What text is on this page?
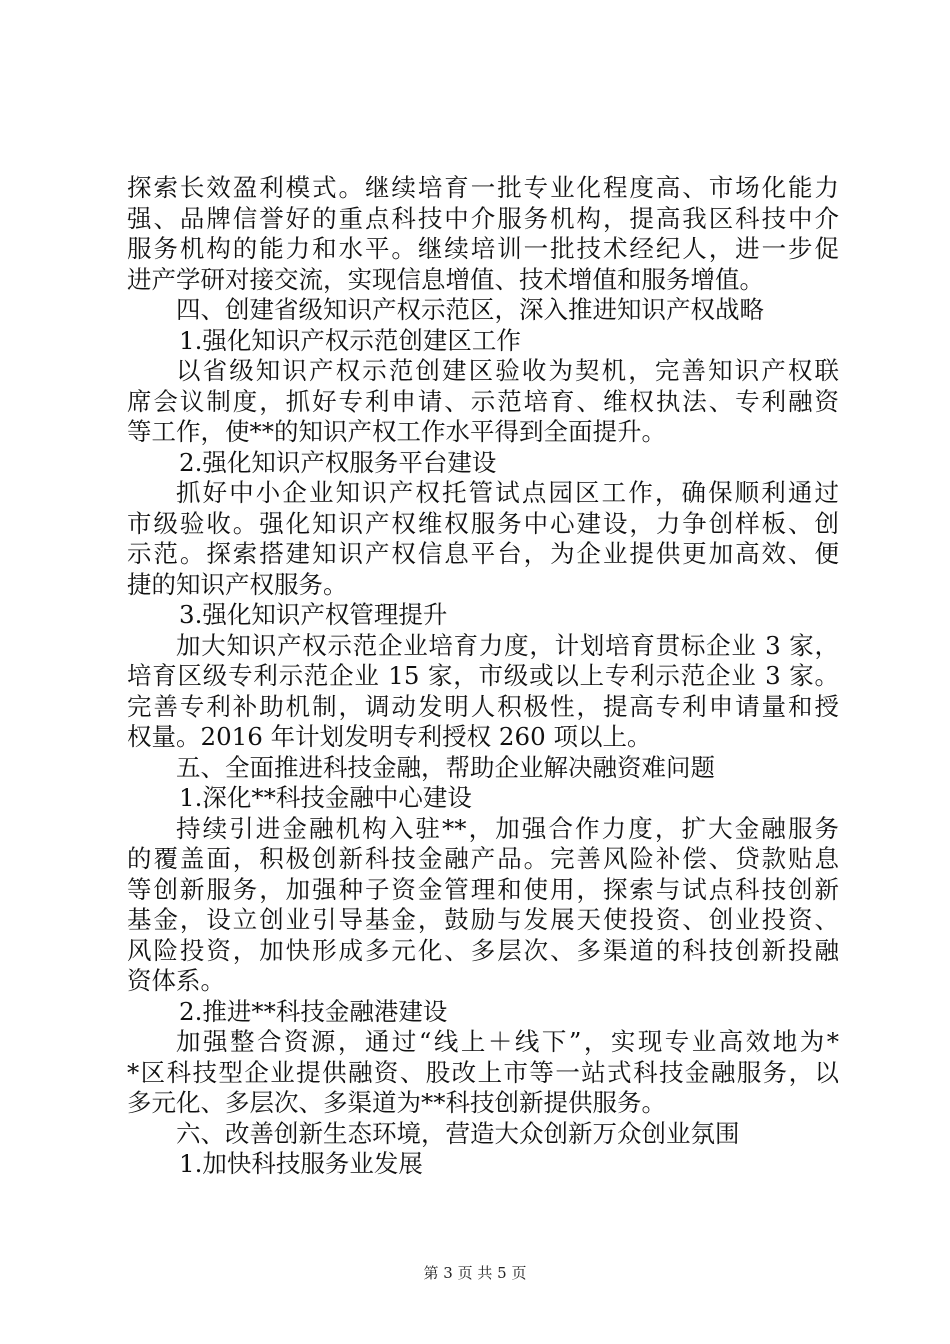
探索长效盈利模式。继续培育一批专业化程度高、市场化能力
强、品牌信誉好的重点科技中介服务机构，提高我区科技中介
服务机构的能力和水平。继续培训一批技术经纪人，进一步促
进产学研对接交流，实现信息增值、技术增值和服务增值。
四、创建省级知识产权示范区，深入推进知识产权战略
1.强化知识产权示范创建区工作
以省级知识产权示范创建区验收为契机，完善知识产权联
席会议制度，抓好专利申请、示范培育、维权执法、专利融资
等工作，使**的知识产权工作水平得到全面提升。
2.强化知识产权服务平台建设
抓好中小企业知识产权托管试点园区工作，确保顺利通过
市级验收。强化知识产权维权服务中心建设，力争创样板、创
示范。探索搭建知识产权信息平台，为企业提供更加高效、便
捷的知识产权服务。
3.强化知识产权管理提升
加大知识产权示范企业培育力度，计划培育贯标企业 3 家，
培育区级专利示范企业 15 家，市级或以上专利示范企业 3 家。
完善专利补助机制，调动发明人积极性，提高专利申请量和授
权量。2016 年计划发明专利授权 260 项以上。
五、全面推进科技金融，帮助企业解决融资难问题
1.深化**科技金融中心建设
持续引进金融机构入驻**，加强合作力度，扩大金融服务
的覆盖面，积极创新科技金融产品。完善风险补偿、贷款贴息
等创新服务，加强种子资金管理和使用，探索与试点科技创新
基金，设立创业引导基金，鼓励与发展天使投资、创业投资、
风险投资，加快形成多元化、多层次、多渠道的科技创新投融
资体系。
2.推进**科技金融港建设
加强整合资源，通过“线上＋线下”，实现专业高效地为*
*区科技型企业提供融资、股改上市等一站式科技金融服务，以
多元化、多层次、多渠道为**科技创新提供服务。
六、改善创新生态环境，营造大众创新万众创业氛围
1.加快科技服务业发展
第 3 页 共 5 页
